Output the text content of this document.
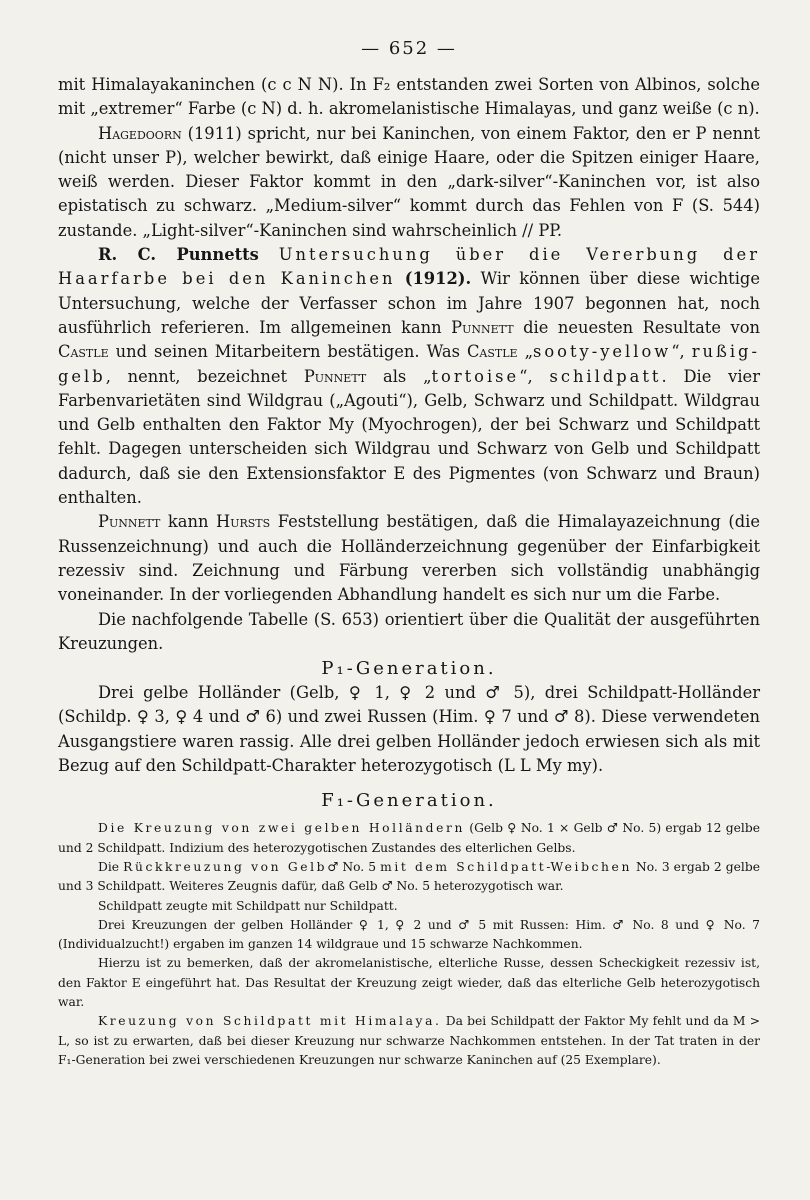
— 652 —

mit Himalayakaninchen (c c N N). In F₂ entstanden zwei Sorten von Albinos, solche mit „extremer“ Farbe (c N) d. h. akromelanistische Himalayas, und ganz weiße (c n).

Hagedoorn (1911) spricht, nur bei Kaninchen, von einem Faktor, den er P nennt (nicht unser P), welcher bewirkt, daß einige Haare, oder die Spitzen einiger Haare, weiß werden. Dieser Faktor kommt in den „dark-silver“-Kaninchen vor, ist also epistatisch zu schwarz. „Medium-silver“ kommt durch das Fehlen von F (S. 544) zustande. „Light-silver“-Kaninchen sind wahrscheinlich // PP.

R. C. Punnetts Untersuchung über die Vererbung der Haarfarbe bei den Kaninchen (1912). Wir können über diese wichtige Untersuchung, welche der Verfasser schon im Jahre 1907 begonnen hat, noch ausführlich referieren. Im allgemeinen kann Punnett die neuesten Resultate von Castle und seinen Mitarbeitern bestätigen. Was Castle „sooty-yellow“, rußig-gelb, nennt, bezeichnet Punnett als „tortoise“, schildpatt. Die vier Farbenvarietäten sind Wildgrau („Agouti“), Gelb, Schwarz und Schildpatt. Wildgrau und Gelb enthalten den Faktor My (Myochrogen), der bei Schwarz und Schildpatt fehlt. Dagegen unterscheiden sich Wildgrau und Schwarz von Gelb und Schildpatt dadurch, daß sie den Extensionsfaktor E des Pigmentes (von Schwarz und Braun) enthalten.

Punnett kann Hursts Feststellung bestätigen, daß die Himalayazeichnung (die Russenzeichnung) und auch die Holländerzeichnung gegenüber der Einfarbigkeit rezessiv sind. Zeichnung und Färbung vererben sich vollständig unabhängig voneinander. In der vorliegenden Abhandlung handelt es sich nur um die Farbe.

Die nachfolgende Tabelle (S. 653) orientiert über die Qualität der ausgeführten Kreuzungen.

P₁-Generation.

Drei gelbe Holländer (Gelb, ♀ 1, ♀ 2 und ♂ 5), drei Schildpatt-Holländer (Schildp. ♀ 3, ♀ 4 und ♂ 6) und zwei Russen (Him. ♀ 7 und ♂ 8). Diese verwendeten Ausgangstiere waren rassig. Alle drei gelben Holländer jedoch erwiesen sich als mit Bezug auf den Schildpatt-Charakter heterozygotisch (L L My my).

F₁-Generation.

Die Kreuzung von zwei gelben Holländern (Gelb ♀ No. 1 × Gelb ♂ No. 5) ergab 12 gelbe und 2 Schildpatt. Indizium des heterozygotischen Zustandes des elterlichen Gelbs.

Die Rückkreuzung von Gelb♂ No. 5 mit dem Schildpatt-Weibchen No. 3 ergab 2 gelbe und 3 Schildpatt. Weiteres Zeugnis dafür, daß Gelb ♂ No. 5 heterozygotisch war.

Schildpatt zeugte mit Schildpatt nur Schildpatt.

Drei Kreuzungen der gelben Holländer ♀ 1, ♀ 2 und ♂ 5 mit Russen: Him. ♂ No. 8 und ♀ No. 7 (Individualzucht!) ergaben im ganzen 14 wildgraue und 15 schwarze Nachkommen.

Hierzu ist zu bemerken, daß der akromelanistische, elterliche Russe, dessen Scheckigkeit rezessiv ist, den Faktor E eingeführt hat. Das Resultat der Kreuzung zeigt wieder, daß das elterliche Gelb heterozygotisch war.

Kreuzung von Schildpatt mit Himalaya. Da bei Schildpatt der Faktor My fehlt und da M > L, so ist zu erwarten, daß bei dieser Kreuzung nur schwarze Nachkommen entstehen. In der Tat traten in der F₁-Generation bei zwei verschiedenen Kreuzungen nur schwarze Kaninchen auf (25 Exemplare).
